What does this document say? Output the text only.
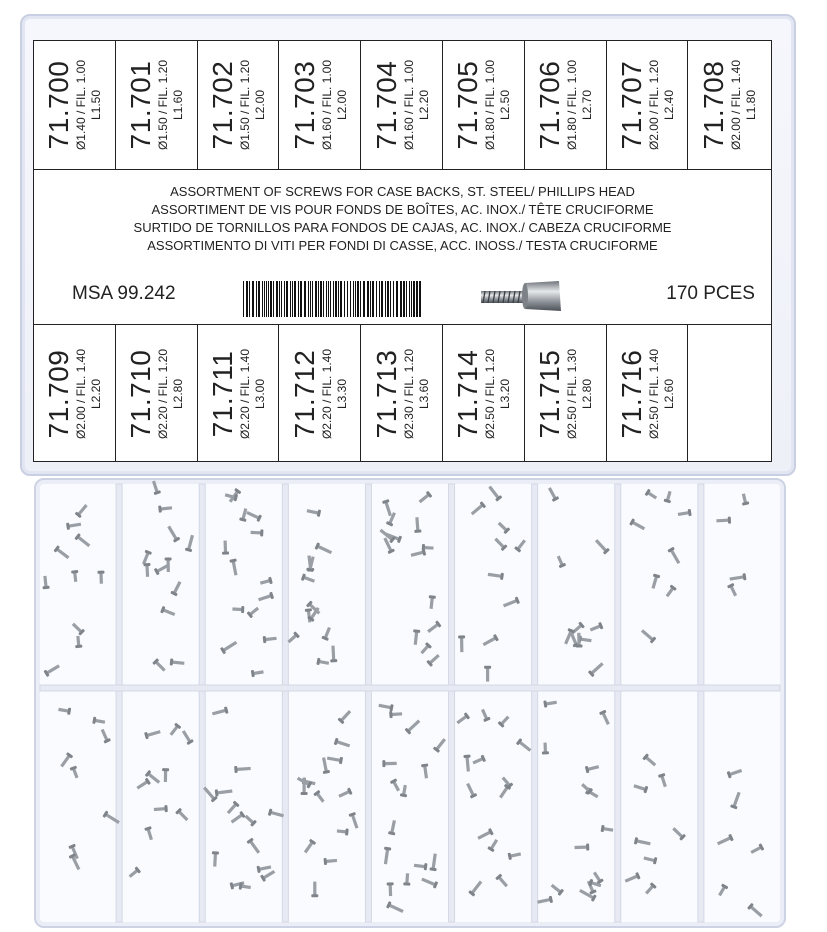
71.700 Ø1.40 / FIL. 1.00 L1.50 71.701 Ø1.50 / FIL. 1.20 L1.60 71.702 Ø1.50 / FIL. 1.20 L2.00 71.703 Ø1.60 / FIL. 1.00 L2.00 71.704 Ø1.60 / FIL. 1.00 L2.20 71.705 Ø1.80 / FIL. 1.00 L2.50 71.706 Ø1.80 / FIL. 1.00 L2.70 71.707 Ø2.00 / FIL. 1.20 L2.40 71.708 Ø2.00 / FIL. 1.40 L1.80
ASSORTMENT OF SCREWS FOR CASE BACKS, ST. STEEL/ PHILLIPS HEAD
ASSORTIMENT DE VIS POUR FONDS DE BOÎTES, AC. INOX./ TÊTE CRUCIFORME
SURTIDO DE TORNILLOS PARA FONDOS DE CAJAS, AC. INOX./ CABEZA CRUCIFORME
ASSORTIMENTO DI VITI PER FONDI DI CASSE, ACC. INOSS./ TESTA CRUCIFORME
MSA 99.242	170 PCES
71.709 Ø2.00 / FIL. 1.40 L2.20 71.710 Ø2.20 / FIL. 1.20 L2.80 71.711 Ø2.20 / FIL. 1.40 L3.00 71.712 Ø2.20 / FIL. 1.40 L3.30 71.713 Ø2.30 / FIL. 1.20 L3.60 71.714 Ø2.50 / FIL. 1.20 L3.20 71.715 Ø2.50 / FIL. 1.30 L2.80 71.716 Ø2.50 / FIL. 1.40 L2.60
